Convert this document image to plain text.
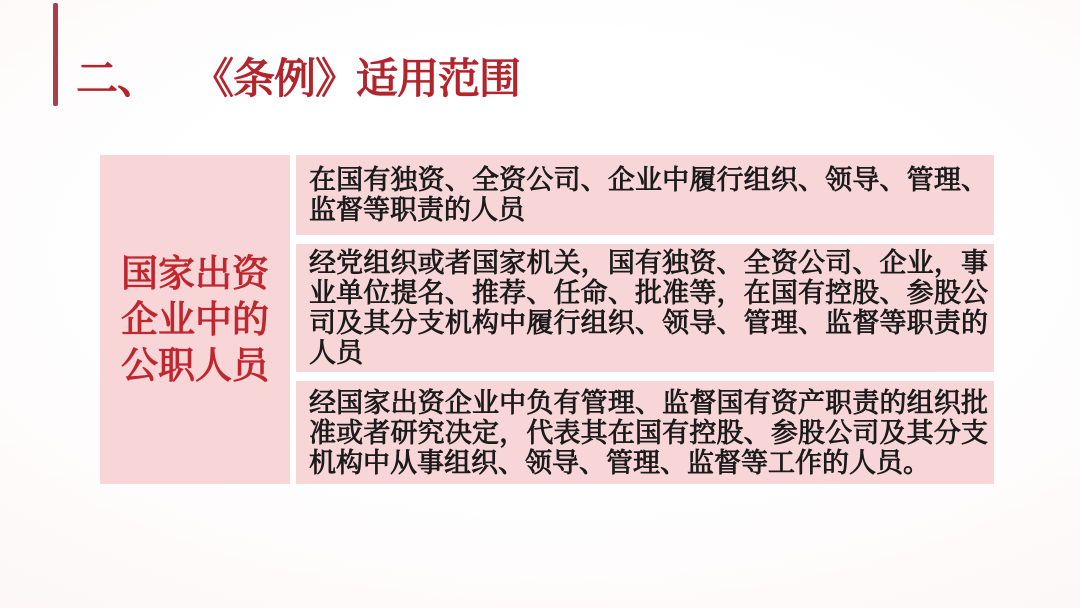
二、 《条例》适用范围
国家出资
企业中的
公职人员
在国有独资、全资公司、企业中履行组织、领导、管理、监督等职责的人员
经党组织或者国家机关，国有独资、全资公司、企业，事业单位提名、推荐、任命、批准等，在国有控股、参股公司及其分支机构中履行组织、领导、管理、监督等职责的人员
经国家出资企业中负有管理、监督国有资产职责的组织批准或者研究决定，代表其在国有控股、参股公司及其分支机构中从事组织、领导、管理、监督等工作的人员。
